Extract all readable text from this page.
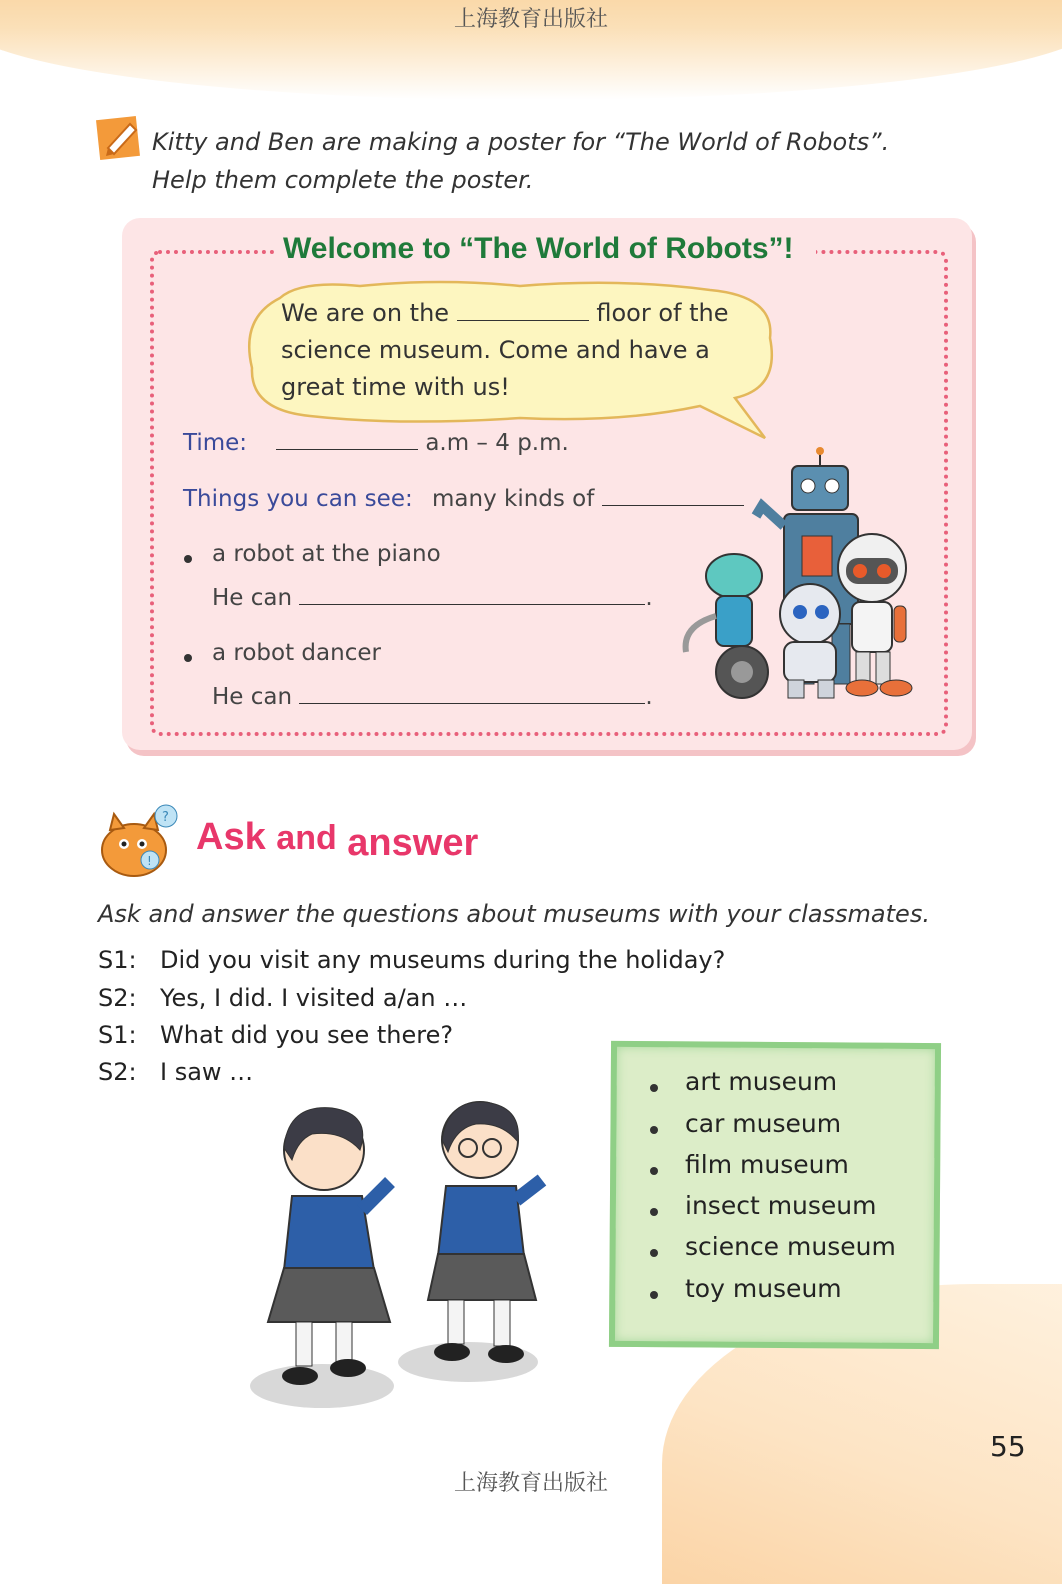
上海教育出版社
Kitty and Ben are making a poster for “The World of Robots”.
Help them complete the poster.
Welcome to “The World of Robots”!
We are on the	floor of the
science museum. Come and have a
great time with us!
Time:	a.m – 4 p.m.
Things you can see: many kinds of
a robot at the piano
He can	.
a robot dancer
He can	.
?
!
Ask and answer
Ask and answer the questions about museums with your classmates.
S1: Did you visit any museums during the holiday?
S2: Yes, I did. I visited a/an …
S1: What did you see there?
S2: I saw …	art museum
car museum
film museum
insect museum
science museum
toy museum
55
上海教育出版社
